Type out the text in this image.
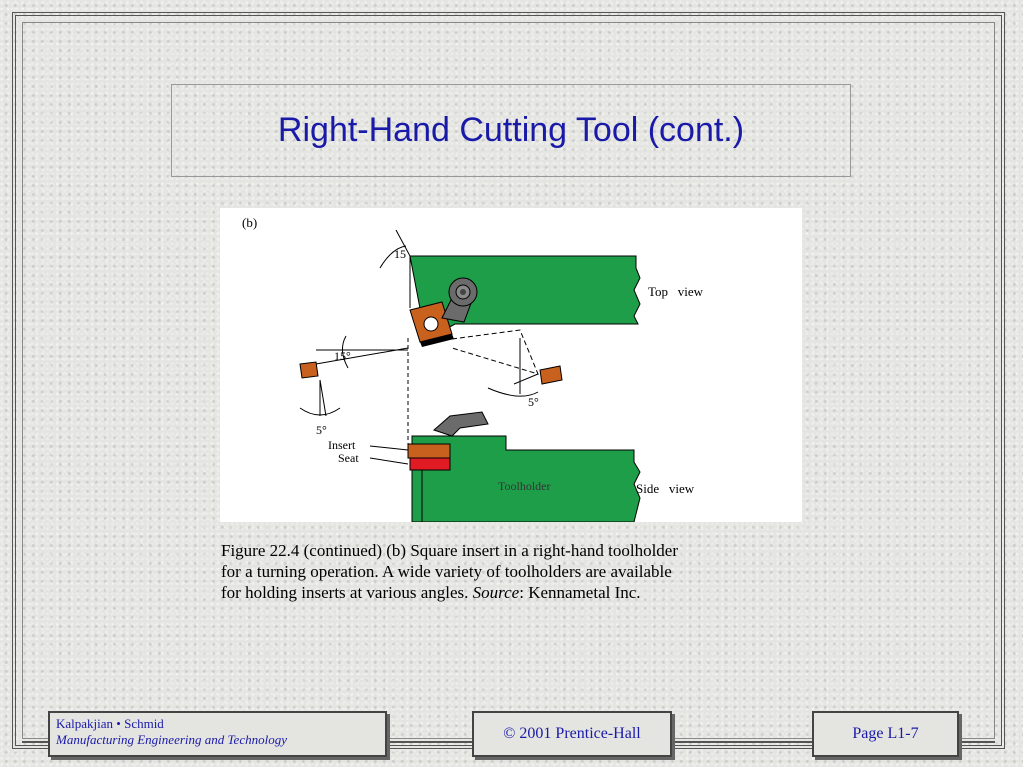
Right-Hand Cutting Tool (cont.)
(b)
15
15°
5°
5°
Insert
Seat
Toolholder
Top   view
Side   view
Figure 22.4 (continued) (b) Square insert in a right-hand toolholder
for a turning operation. A wide variety of toolholders are available
for holding inserts at various angles. Source: Kennametal Inc.
Kalpakjian • Schmid
Manufacturing Engineering and Technology	© 2001 Prentice-Hall	Page L1-7
